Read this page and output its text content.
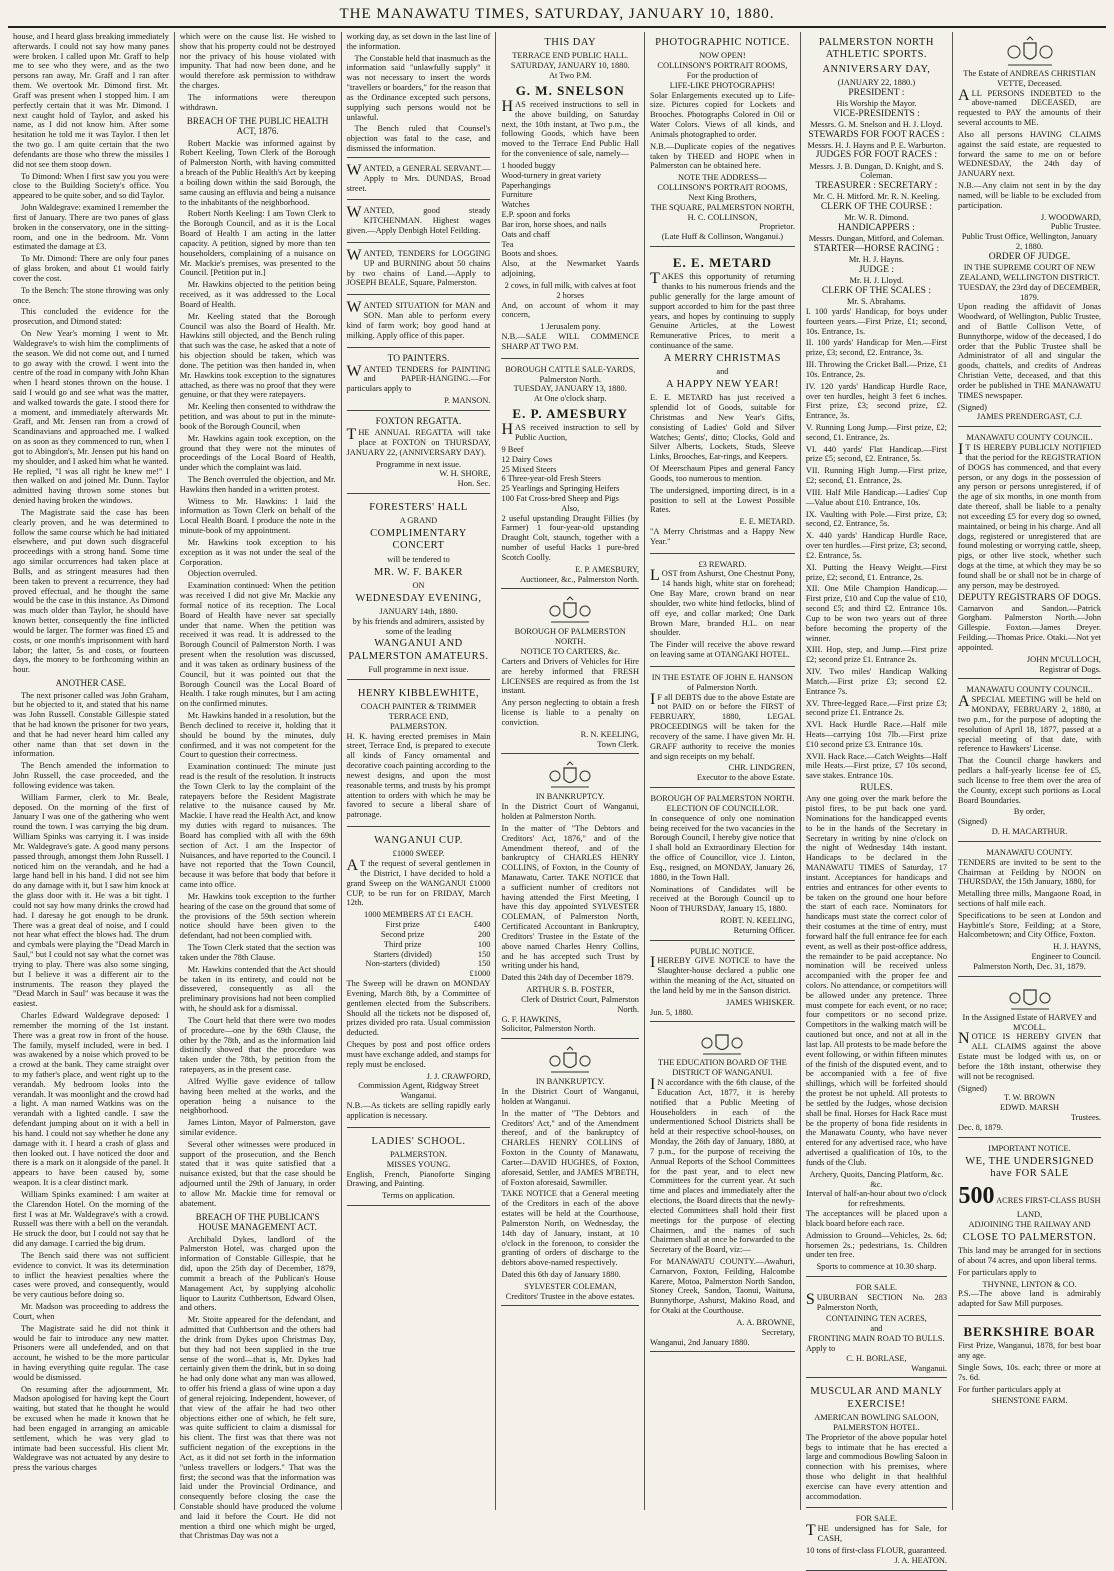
THE MANAWATU TIMES, SATURDAY, JANUARY 10, 1880.

house, and I heard glass breaking immediately afterwards. I could not say how many panes were broken. I called upon Mr. Graff to help me to see who they were, and as the two persons ran away, Mr. Graff and I ran after them. We overtook Mr. Dimond first. Mr. Graff was present when I stopped him. I am perfectly certain that it was Mr. Dimond. I next caught hold of Taylor, and asked his name, as I did not know him. After some hesitation he told me it was Taylor. I then let the two go. I am quite certain that the two defendants are those who threw the missiles I did not see them stoop down.

To Dimond: When I first saw you you were close to the Building Society's office. You appeared to be quite sober, and so did Taylor.

John Waldegrave: examined I remember the first of January. There are two panes of glass broken in the conservatory, one in the sitting-room, and one in the bedroom. Mr. Vonn estimated the damage at £3.

To Mr. Dimond: There are only four panes of glass broken, and about £1 would fairly cover the cost.

To the Bench: The stone throwing was only once.

This concluded the evidence for the prosecution, and Dimond stated:

On New Year's morning I went to Mr. Waldegrave's to wish him the compliments of the season. We did not come out, and I turned to go away with the crowd. I went into the centre of the road in company with John Khan when I heard stones thrown on the house. I said I would go and see what was the matter, and walked towards the gate. I stood there for a moment, and immediately afterwards Mr. Graff, and Mr. Jensen ran from a crowd of Scandinavians and approached me. I walked on as soon as they commenced to run, when I got to Abingdon's, Mr. Jensen put his hand on my shoulder, and I asked him what he wanted. He replied, "I was all right he knew me!" I then walked on and joined Mr. Dunn. Taylor admitted having thrown some stones but denied having broken the windows.

The Magistrate said the case has been clearly proven, and he was determined to follow the same course which he had initiated elsewhere, and put down such disgraceful proceedings with a strong hand. Some time ago similar occurrences had taken place at Bulls, and as stringent measures had then been taken to prevent a recurrence, they had proved effectual, and he thought the same would be the case in this instance. As Dimond was much older than Taylor, he should have known better, consequently the fine inflicted would be larger. The former was fined £5 and costs, or one month's imprisonment with hard labor; the latter, 5s and costs, or fourteen days, the money to be forthcoming within an hour.

ANOTHER CASE.

The next prisoner called was John Graham, but he objected to it, and stated that his name was John Russell. Constable Gillespie stated that he had known the prisoner for two years, and that he had never heard him called any other name than that set down in the information.

The Bench amended the information to John Russell, the case proceeded, and the following evidence was taken.

William Farmer, clerk to Mr. Beale, deposed. On the morning of the first of January I was one of the gathering who went round the town. I was carrying the big drum. William Spinks was carrying it. I was inside Mr. Waldegrave's gate. A good many persons passed through, amongst them John Russell. I noticed him on the verandah, and he had a large hand bell in his hand. I did not see him do any damage with it, but I saw him knock at the glass door with it. He was a bit tight. I could not say how many drinks the crowd had had. I daresay he got enough to be drunk. There was a great deal of noise, and I could not hear what effect the blows had. The drum and cymbals were playing the "Dead March in Saul," but I could not say what the cornet was trying to play. There was also some singing, but I believe it was a different air to the instruments. The reason they played the "Dead March in Saul" was because it was the easiest.

Charles Edward Waldegrave deposed: I remember the morning of the 1st instant. There was a great row in front of the house. The family, myself included, were in bed. I was awakened by a noise which proved to be a crowd at the bank. They came straight over to my father's place, and went right up to the verandah. My bedroom looks into the verandah. It was moonlight and the crowd had a light. A man named Watkins was on the verandah with a lighted candle. I saw the defendant jumping about on it with a bell in his hand. I could not say whether he done any damage with it. I heard a crash of glass and then looked out. I have noticed the door and there is a mark on it alongside of the panel. It appears to have been caused by, some weapon. It is a clear distinct mark.

William Spinks examined: I am waiter at the Clarendon Hotel. On the morning of the first I was at Mr. Waldegrave's with a crowd. Russell was there with a bell on the verandah. He struck the door, but I could not say that he did any damage. I carried the big drum.

The Bench said there was not sufficient evidence to convict. It was its determination to inflict the heaviest penalties where the cases were proved, and consequently, would be very cautious before doing so.

Mr. Madson was proceeding to address the Court, when

The Magistrate said he did not think it would be fair to introduce any new matter. Prisoners were all undefended, and on that account, he wished to be the more particular in having everything quite regular. The case would be dismissed.

On resuming after the adjournment, Mr. Madson apologised for having kept the Court waiting, but stated that he thought he would be excused when he made it known that he had been engaged in arranging an amicable settlement, which he was very glad to intimate had been successful. His client Mr. Waldegrave was not actuated by any desire to press the various charges

which were on the cause list. He wished to show that his property could not be destroyed nor the privacy of his house violated with impunity. That had now been done, and he would therefore ask permission to withdraw the charges.

The informations were thereupon withdrawn.

BREACH OF THE PUBLIC HEALTH ACT, 1876.

Robert Mackie was informed against by Robert Keeling, Town Clerk of the Borough of Palmerston North, with having committed a breach of the Public Health's Act by keeping a boiling down within the said Borough, the same causing an effluvia and being a nuisance to the inhabitants of the neighborhood.

Robert North Keeling: I am Town Clerk to the Borough Council, and as it is the Local Board of Health I am acting in the latter capacity. A petition, signed by more than ten householders, complaining of a nuisance on Mr. Mackie's premises, was presented to the Council. [Petition put in.]

Mr. Hawkins objected to the petition being received, as it was addressed to the Local Board of Health.

Mr. Keeling stated that the Borough Council was also the Board of Health. Mr. Hawkins still objected, and the Bench ruling that such was the case, he asked that a note of his objection should be taken, which was done. The petition was then handed in, when Mr. Hawkins took exception to the signatures attached, as there was no proof that they were genuine, or that they were ratepayers.

Mr. Keeling then consented to withdraw the petition, and was about to put in the minute-book of the Borough Council, when

Mr. Hawkins again took exception, on the ground that they were not the minutes of proceedings of the Local Board of Health, under which the complaint was laid.

The Bench overruled the objection, and Mr. Hawkins then handed in a written protest.

Witness to Mr. Hawkins: I laid the information as Town Clerk on behalf of the Local Health Board. I produce the note in the minute-book of my appointment.

Mr. Hawkins took exception to his exception as it was not under the seal of the Corporation.

Objection overruled.

Examination continued: When the petition was received I did not give Mr. Mackie any formal notice of its reception. The Local Board of Health have never sat specially under that name. When the petition was received it was read. It is addressed to the Borough Council of Palmerston North. I was present when the resolution was discussed, and it was taken as ordinary business of the Council, but it was pointed out that the Borough Council was the Local Board of Health. I take rough minutes, but I am acting on the confirmed minutes.

Mr. Hawkins handed in a resolution, but the Bench declined to receive it, holding that it should be bound by the minutes, duly confirmed, and it was not competent for the Court to question their correctness.

Examination continued: The minute just read is the result of the resolution. It instructs the Town Clerk to lay the complaint of the ratepayers before the Resident Magistrate relative to the nuisance caused by Mr. Mackie. I have read the Health Act, and know my duties with regard to nuisances. The Board has complied with all with the 69th section of Act. I am the Inspector of Nuisances, and have reported to the Council. I have not reported that the Town Council, because it was before that body that before it came into office.

Mr. Hawkins took exception to the further hearing of the case on the ground that some of the provisions of the 59th section wherein notice should have been given to the defendant, had not been complied with.

The Town Clerk stated that the section was taken under the 78th Clause.

Mr. Hawkins contended that the Act should be taken in its entirety, and could not be dissevered, consequently as all the preliminary provisions had not been complied with, he should ask for a dismissal.

The Court held that there were two modes of procedure—one by the 69th Clause, the other by the 78th, and as the information laid distinctly showed that the procedure was taken under the 78th, by petition from the ratepayers, as in the present case.

Alfred Wyllie gave evidence of tallow having been melted at the works, and the operation being a nuisance to the neighborhood.

James Linton, Mayor of Palmerston, gave similar evidence.

Several other witnesses were produced in support of the prosecution, and the Bench stated that it was quite satisfied that a nuisance existed, but that the case should be adjourned until the 29th of January, in order to allow Mr. Mackie time for removal or abatement.

BREACH OF THE PUBLICAN'S HOUSE MANAGEMENT ACT.

Archibald Dykes, landlord of the Palmerston Hotel, was charged upon the information of Constable Gillespie, that he did, upon the 25th day of December, 1879, commit a breach of the Publican's House Management Act, by supplying alcoholic liquor to Lauritz Cuthbertson, Edward Olsen, and others.

Mr. Stoite appeared for the defendant, and admitted that Cuthbertson and the others had the drink from Dykes upon Christmas Day, but they had not been supplied in the true sense of the word—that is, Mr. Dykes had certainly given them the drink, but in so doing he had only done what any man was allowed, to offer his friend a glass of wine upon a day of general rejoicing. Independent, however, of that view of the affair he had two other objections either one of which, he felt sure, was quite sufficient to claim a dismissal for his client. The first was that there was not sufficient negation of the exceptions in the Act, as it did not set forth in the information "unless travellers or lodgers." That was the first; the second was that the information was laid under the Provincial Ordinance, and consequently before closing the case the Constable should have produced the volume and laid it before the Court. He did not mention a third one which might be urged, that Christmas Day was not a

working day, as set down in the last line of the information.

The Constable held that inasmuch as the information said "unlawfully supply" it was not necessary to insert the words "travellers or boarders," for the reason that as the Ordinance excepted such persons, supplying such persons would not be unlawful.

The Bench ruled that Counsel's objection was fatal to the case, and dismissed the information.

WANTED, a GENERAL SERVANT.—Apply to Mrs. DUNDAS, Broad street.

WANTED, good steady KITCHENMAN. Highest wages given.—Apply Denbigh Hotel Feilding.

WANTED, TENDERS for LOGGING UP and BURNING about 50 chains by two chains of Land.—Apply to JOSEPH BEALE, Square, Palmerston.

WANTED SITUATION for MAN and SON. Man able to perform every kind of farm work; boy good hand at milking. Apply office of this paper.

TO PAINTERS.

WANTED TENDERS for PAINTING and PAPER-HANGING.—For particulars apply to

P. MANSON.
FOXTON REGATTA.

THE ANNUAL REGATTA will take place at FOXTON on THURSDAY, JANUARY 22, (ANNIVERSARY DAY).

Programme in next issue.
W. H. SHORE,
Hon. Sec.
FORESTERS' HALL
A GRAND
COMPLIMENTARY CONCERT
will be tendered to
MR. W. F. BAKER
ON
WEDNESDAY EVENING,
JANUARY 14th, 1880.
by his friends and admirers, assisted by some of the leading
WANGANUI AND PALMERSTON AMATEURS.
Full programme in next issue.
HENRY KIBBLEWHITE,
COACH PAINTER & TRIMMER
TERRACE END,
PALMERSTON.

H. K. having erected premises in Main street, Terrace End, is prepared to execute all kinds of Fancy ornamental and decorative coach painting according to the newest designs, and upon the most reasonable terms, and trusts by his prompt attention to orders with which he may be favored to secure a liberal share of patronage.

WANGANUI CUP.
£1000 SWEEP.

AT the request of several gentlemen in the District, I have decided to hold a grand Sweep on the WANGANUI £1000 CUP, to be run for on FRIDAY, March 12th.

1000 MEMBERS AT £1 EACH.
First prize	£400
Second prize	200
Third prize	100
Starters (divided)	150
Non-starters (divided)	150
	£1000

The Sweep will be drawn on MONDAY Evening, March 8th, by a Committee of gentlemen elected from the Subscribers. Should all the tickets not be disposed of, prizes divided pro rata. Usual commission deducted.

Cheques by post and post office orders must have exchange added, and stamps for reply must be enclosed.

J. J. CRAWFORD,
Commission Agent, Ridgway Street Wanganui.

N.B.—As tickets are selling rapidly early application is necessary.

LADIES' SCHOOL.
PALMERSTON.
MISSES YOUNG.

English, French, Pianoforte Singing Drawing, and Painting.

Terms on application.
THIS DAY
TERRACE END PUBLIC HALL.
SATURDAY, JANUARY 10, 1880.
At Two P.M.
G. M. SNELSON

HAS received instructions to sell in the above building, on Saturday next, the 10th instant, at Two p.m., the following Goods, which have been moved to the Terrace End Public Hall for the convenience of sale, namely—

1 hooded buggy
Wood-turnery in great variety
Paperhangings
Furniture
Watches
E.P. spoon and forks
Bar iron, horse shoes, and nails
Oats and chaff
Tea
Boots and shoes.

Also, at the Newmarket Yaards adjoining,

2 cows, in full milk, with calves at foot
2 horses

And, on account of whom it may concern,

1 Jerusalem pony.

N.B.—SALE WILL COMMENCE SHARP AT TWO P.M.

BOROUGH CATTLE SALE-YARDS,
Palmerston North.
TUESDAY, JANUARY 13, 1880.
At One o'clock sharp.
E. P. AMESBURY

HAS received instruction to sell by Public Auction,

9 Beef
12 Dairy Cows
25 Mixed Steers
6 Three-year-old Fresh Steers
25 Yearlings and Springing Heifers
100 Fat Cross-bred Sheep and Pigs
Also,

2 useful upstanding Draught Fillies (by Farmer) 1 four-year-old upstanding Draught Colt, staunch, together with a number of useful Hacks 1 pure-bred Scotch Coolly.

E. P. AMESBURY,
Auctioneer, &c., Palmerston North.
BOROUGH OF PALMERSTON NORTH.
NOTICE TO CARTERS, &c.

Carters and Drivers of Vehicles for Hire are hereby informed that FRESH LICENSES are required as from the 1st instant.

Any person neglecting to obtain a fresh license is liable to a penalty on conviction.

R. N. KEELING,
Town Clerk.
IN BANKRUPTCY.

In the District Court of Wanganui, holden at Palmerston North.

In the matter of "The Debtors and Creditors' Act, 1876," and of the Amendment thereof, and of the bankruptcy of CHARLES HENRY COLLINS, of Foxton, in the County of Manawatu, Carter. TAKE NOTICE that a sufficient number of creditors not having attended the First Meeting, I have this day appointed SYLVESTER COLEMAN, of Palmerston North, Certificated Accountant in Bankruptcy, Creditors' Trustee in the Estate of the above named Charles Henry Collins, and he has accepted such Trust by writing under his hand,

Dated this 24th day of December 1879.

ARTHUR S. B. FOSTER,
Clerk of District Court, Palmerston North.
G. F. HAWKINS,
Solicitor, Palmerston North.
IN BANKRUPTCY.

In the District Court of Wanganui, holden at Wanganui.

In the matter of "The Debtors and Creditors' Act," and of the Amendment thereof, and of the bankruptcy of CHARLES HENRY COLLINS of Foxton in the County of Manawatu, Carter—DAVID HUGHES, of Foxton, aforesaid, Settler, and JAMES M'BETH, of Foxton aforesaid, Sawmiller.

TAKE NOTICE that a General meeting of the Creditors in each of the above estates will be held at the Courthouse, Palmerston North, on Wednesday, the 14th day of January, instant, at 10 o'clock in the forenoon, to consider the granting of orders of discharge to the debtors above-named respectively.

Dated this 6th day of January 1880.

SYLVESTER COLEMAN,
Creditors' Trustee in the above estates.
PHOTOGRAPHIC NOTICE.
NOW OPEN!
COLLINSON'S PORTRAIT ROOMS,
For the production of
LIFE-LIKE PHOTOGRAPHS!

Solar Enlargements executed up to Life-size. Pictures copied for Lockets and Brooches. Photographs Colored in Oil or Water Colors. Views of all kinds, and Animals photographed to order.

N.B.—Duplicate copies of the negatives taken by THEED and HOPE when in Palmerston can be obtained here.

NOTE THE ADDRESS—
COLLINSON'S PORTRAIT ROOMS,
Next King Brothers,
THE SQUARE, PALMERSTON NORTH,
H. C. COLLINSON,
Proprietor.
(Late Huff & Collinson, Wanganui.)
E. E. METARD

TAKES this opportunity of returning thanks to his numerous friends and the public generally for the large amount of support accorded to him for the past three years, and hopes by continuing to supply Genuine Articles, at the Lowest Remunerative Prices, to merit a continuance of the same.

A MERRY CHRISTMAS
and
A HAPPY NEW YEAR!

E. E. METARD has just received a splendid lot of Goods, suitable for Christmas and New Year's Gifts, consisting of Ladies' Gold and Silver Watches; Gents', ditto; Clocks, Gold and Silver Alberts, Lockets, Studs, Sleeve Links, Brooches, Ear-rings, and Keepers.

Of Meerschaum Pipes and general Fancy Goods, too numerous to mention.

The undersigned, importing direct, is in a position to sell at the Lowest Possible Rates.

E. E. METARD.

"A Merry Christmas and a Happy New Year."

£3 REWARD.

LOST from Ashurst, One Chestnut Pony, 14 hands high, white star on forehead; One Bay Mare, crown brand on near shoulder, two white hind fetlocks, blind of off eye, and collar marked; One Dark Brown Mare, branded H.L. on near shoulder.

The Finder will receive the above reward on leaving same at OTANGAKI HOTEL.

IN THE ESTATE OF JOHN E. HANSON of Palmerston North.

IF all DEBTS due to the above Estate are not PAID on or before the FIRST of FEBRUARY, 1880, LEGAL PROCEEDINGS will be taken for the recovery of the same. I have given Mr. H. GRAFF authority to receive the monies and sign receipts on my behalf.

CHR. LINDGREN,
Executor to the above Estate.
BOROUGH OF PALMERSTON NORTH.
ELECTION OF COUNCILLOR.

In consequence of only one nomination being received for the two vacancies in the Borough Council, I hereby give notice that I shall hold an Extraordinary Election for the office of Councillor, vice J. Linton, Esq., resigned, on MONDAY, January 26, 1880, in the Town Hall.

Nominations of Candidates will be received at the Borough Council up to Noon of THURSDAY, January 15, 1880.

ROBT. N. KEELING,
Returning Officer.
PUBLIC NOTICE.

IHEREBY GIVE NOTICE to have the Slaughter-house declared a public one within the meaning of the Act, situated on the land held by me in the Sanson district.

JAMES WHISKER.
Jun. 5, 1880.
THE EDUCATION BOARD OF THE DISTRICT OF WANGANUI.

IN accordance with the 6th clause, of the Education Act, 1877, it is hereby notified that a Public Meeting of Householders in each of the undermentioned School Districts shall be held at their respective school-houses, on Monday, the 26th day of January, 1880, at 7 p.m., for the purpose of receiving the Annual Reports of the School Committees for the past year, and to elect new Committees for the current year. At such time and places and immediately after the elections, the Board directs that the newly-elected Committees shall hold their first meetings for the purpose of electing Chairmen, and the names of such Chairmen shall at once be forwarded to the Secretary of the Board, viz:—

For MANAWATU COUNTY.—Awahuri, Carnarvon, Foxton, Feilding, Halcombe Karere, Motoa, Palmerston North Sandon, Stoney Creek, Sandon, Taonui, Waituna, Bunnythorpe, Ashurst, Makino Road, and for Otaki at the Courthouse.

A. A. BROWNE,
Secretary,
Wanganui, 2nd January 1880.
PALMERSTON NORTH ATHLETIC SPORTS.
ANNIVERSARY DAY,
(JANUARY 22, 1880.)
PRESIDENT :
His Worship the Mayor.
VICE-PRESIDENTS :
Messrs. G. M. Snelson and H. J. Lloyd.
STEWARDS FOR FOOT RACES :
Messrs. H. J. Hayns and P. E. Warburton.
JUDGES FOR FOOT RACES :
Messrs. J. B. Dungan, D. Knight, and S. Coleman.
TREASURER : SECRETARY :
Mr. C. H. Mitford. Mr. R. N. Keeling.
CLERK OF THE COURSE :
Mr. W. R. Dimond.
HANDICAPPERS :
Messrs. Dungan, Mitford, and Coleman.
STARTER—HORSE RACING :
Mr. H. J. Hayns.
JUDGE :
Mr. H. J. Lloyd.
CLERK OF THE SCALES :
Mr. S. Abrahams.

I. 100 yards' Handicap, for boys under fourteen years.—First Prize, £1; second, 10s. Entrance, 1s.

II. 100 yards' Handicap for Men.—First prize, £3; second, £2. Entrance, 3s.

III. Throwing the Cricket Ball.—Prize, £1 10s. Entrance, 2s.

IV. 120 yards' Handicap Hurdle Race, over ten hurdles, height 3 feet 6 inches. First prize, £3; second prize, £2. Entrance, 3s.

V. Running Long Jump.—First prize, £2; second, £1. Entrance, 2s.

VI. 440 yards' Flat Handicap.—First prize £5; second, £2. Entrance, 5s.

VII. Running High Jump.—First prize, £2; second, £1. Entrance, 2s.

VIII. Half Mile Handicap.—Ladies' Cup—Value about £10. Entrance, 10s.

IX. Vaulting with Pole.—First prize, £3; second, £2. Entrance, 5s.

X. 440 yards' Handicap Hurdle Race, over ten hurdles.—First prize, £3; second, £2. Entrance, 5s.

XI. Putting the Heavy Weight.—First prize, £2; second, £1. Entrance, 2s.

XII. One Mile Champion Handicap.—First prize, £10 and Cup the value of £10, second £5; and third £2. Entrance 10s. Cup to be won two years out of three before becoming the property of the winner.

XIII. Hop, step, and Jump.—First prize £2; second prize £1. Entrance 2s.

XIV. Two miles' Handicap Walking Match.—First prize £3; second £2. Entrance 7s.

XV. Three-legged Race.—First prize £3; second prize £1. Entrance 2s.

XVI. Hack Hurdle Race.—Half mile Heats—carrying 10st 7lb.—First prize £10 second prize £3. Entrance 10s.

XVII. Hack Race.—Catch Weights—Half mile Heats.—First prize, £7 10s second, save stakes. Entrance 10s.

RULES.

Any one going over the mark before the pistol fires, to be put back one yard. Nominations for the handicapped events to be in the hands of the Secretary in Secretary in writing by nine o'clock on the night of Wednesday 14th instant. Handicaps to be declared in the MANAWATU TIMES of Saturday, 17 instant. Acceptances for handicaps and entries and entrances for other events to be taken on the ground one hour before the start of each race. Nominators for handicaps must state the correct color of their costumes at the time of entry, must forward half the full entrance fee for each event, as well as their post-office address, the remainder to be paid acceptance. No nomination will be received unless accompanied with the proper fee and colors. No attendance, or competitors will be allowed under any pretence. Three must compete for each event, or no race; four competitors or no second prize. Competitors in the walking match will be cautioned but once, and not at all in the last lap. All protests to be made before the event following, or within fifteen minutes of the finish of the disputed event, and to be accompanied with a fee of five shillings, which will be forfeited should the protest be not upheld. All protests to be settled by the Judges, whose decision shall be final. Horses for Hack Race must be the property of bona fide residents in the Manawatu County, who have never entered for any advertised race, who have advertised a qualification of 10s, to the funds of the Club.

Archery, Quoits, Dancing Platform, &c. &c.
Interval of half-an-hour about two o'clock for refreshments.

The acceptances will be placed upon a black board before each race.

Admission to Ground—Vehicles, 2s. 6d; horsemen 2s.; pedestrians, 1s. Children under ten free.

Sports to commence at 10.30 sharp.
FOR SALE.

SUBURBAN SECTION No. 283 Palmerston North,

CONTAINING TEN ACRES,
and
FRONTING MAIN ROAD TO BULLS.
Apply to
C. H. BORLASE,
Wanganui.
MUSCULAR AND MANLY EXERCISE!
AMERICAN BOWLING SALOON,
PALMERSTON HOTEL.

The Proprietor of the above popular hotel begs to intimate that he has erected a large and commodious Bowling Saloon in connection with his premises, where those who delight in that healthful exercise can have every attention and accommodation.

FOR SALE.

THE undersigned has for Sale, for CASH,

10 tons of first-class FLOUR, guaranteed.
J. A. HEATON.
The Estate of ANDREAS CHRISTIAN VETTE, Deceased.

ALL PERSONS INDEBTED to the above-named DECEASED, are requested to PAY the amounts of their several accounts to ME.

Also all persons HAVING CLAIMS against the said estate, are requested to forward the same to me on or before WEDNESDAY, the 24th day of JANUARY next.

N.B.—Any claim not sent in by the day named, will be liable to be excluded from participation.

J. WOODWARD,
Public Trustee.
Public Trust Office, Wellington, January 2, 1880.
ORDER OF JUDGE.
IN THE SUPREME COURT OF NEW ZEALAND, WELLINGTON DISTRICT.
TUESDAY, the 23rd day of DECEMBER, 1879.

Upon reading the affidavit of Jonas Woodward, of Wellington, Public Trustee, and of Battle Collison Vette, of Bunnythorpe, widow of the deceased, I do order that the Public Trustee shall be Administrator of all and singular the goods, chattels, and credits of Andreas Christian Vette, deceased, and that this order be published in THE MANAWATU TIMES newspaper.

(Signed)
JAMES PRENDERGAST, C.J.
MANAWATU COUNTY COUNCIL.

IT IS HEREBY PUBLICLY NOTIFIED that the period for the REGISTRATION of DOGS has commenced, and that every person, or any dogs in the possession of any person or persons unregistered, if of the age of six months, in one month from date thereof, shall be liable to a penalty not exceeding £5 for every dog so owned, maintained, or being in his charge. And all dogs, registered or unregistered that are found molesting or worrying cattle, sheep, pigs, or other live stock, whether such dogs at the time, at which they may be so found shall be or shall not be in charge of any person, may be destroyed.

DEPUTY REGISTRARS OF DOGS.

Carnarvon and Sandon.—Patrick Gorgham. Palmerston North.—John Gillespie. Foxton.—James Dreyer. Feilding.—Thomas Price. Otaki.—Not yet appointed.

JOHN M'CULLOCH,
Registrar of Dogs.
MANAWATU COUNTY COUNCIL.

ASPECIAL MEETING will be held on MONDAY, FEBRUARY 2, 1880, at two p.m., for the purpose of adopting the resolution of April 18, 1877, passed at a special meeting of that date, with reference to Hawkers' License.

That the Council charge hawkers and pedlars a half-yearly license fee of £5, such license to free them over the area of the County, except such portions as Local Board Boundaries.

By order,
(Signed)
D. H. MACARTHUR.
MANAWATU COUNTY.

TENDERS are invited to be sent to the Chairman at Feilding by NOON on THURSDAY, the 15th January, 1880, for

Metalling three mills, Mangaone Road, in sections of half mile each.

Specifications to be seen at London and Haybittle's Store, Feilding; at a Store, Halcombetown; and City Office, Foxton.

H. J. HAYNS,
Engineer to Council.
Palmerston North, Dec. 31, 1879.
In the Assigned Estate of HARVEY and M'COLL.

NOTICE IS HEREBY GIVEN that ALL CLAIMS against the above Estate must be lodged with us, on or before the 18th instant, otherwise they will not be recognised.

(Signed)
T. W. BROWN
EDWD. MARSH
Trustees.
Dec. 8, 1879.
IMPORTANT NOTICE.
WE, THE UNDERSIGNED have FOR SALE
500 ACRES FIRST-CLASS BUSH LAND,
ADJOINING THE RAILWAY AND
CLOSE TO PALMERSTON.

This land may be arranged for in sections of about 74 acres, and upon liberal terms.

For particulars apply to

THYNNE, LINTON & CO.

P.S.—The above land is admirably adapted for Saw Mill purposes.

BERKSHIRE BOAR

First Prize, Wanganui, 1878, for best boar any age.

Single Sows, 10s. each; three or more at 7s. 6d.

For further particulars apply at

SHENSTONE FARM.
